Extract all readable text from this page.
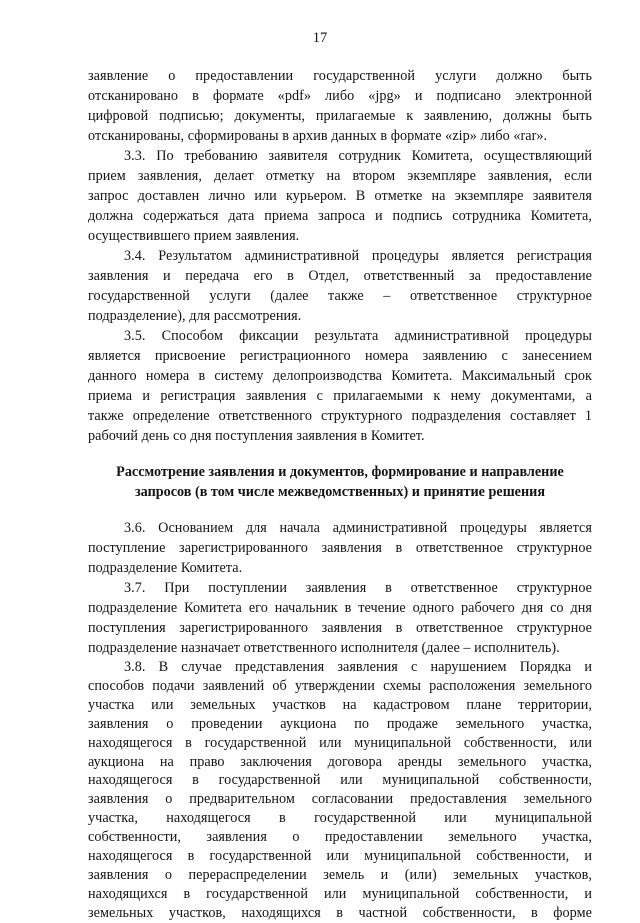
17
заявление о предоставлении государственной услуги должно быть
отсканировано в формате «pdf» либо «jpg» и подписано электронной
цифровой подписью; документы, прилагаемые к заявлению, должны быть
отсканированы, сформированы в архив данных в формате «zip» либо «rar».
3.3. По требованию заявителя сотрудник Комитета, осуществляющий
прием заявления, делает отметку на втором экземпляре заявления, если
запрос доставлен лично или курьером. В отметке на экземпляре заявителя
должна содержаться дата приема запроса и подпись сотрудника Комитета,
осуществившего прием заявления.
3.4. Результатом административной процедуры является регистрация
заявления и передача его в Отдел, ответственный за предоставление
государственной услуги (далее также – ответственное структурное
подразделение), для рассмотрения.
3.5. Способом фиксации результата административной процедуры
является присвоение регистрационного номера заявлению с занесением
данного номера в систему делопроизводства Комитета. Максимальный срок
приема и регистрация заявления с прилагаемыми к нему документами, а
также определение ответственного структурного подразделения составляет 1
рабочий день со дня поступления заявления в Комитет.
Рассмотрение заявления и документов, формирование и направление
запросов (в том числе межведомственных) и принятие решения
3.6. Основанием для начала административной процедуры является
поступление зарегистрированного заявления в ответственное структурное
подразделение Комитета.
3.7. При поступлении заявления в ответственное структурное
подразделение Комитета его начальник в течение одного рабочего дня со дня
поступления зарегистрированного заявления в ответственное структурное
подразделение назначает ответственного исполнителя (далее – исполнитель).
3.8. В случае представления заявления с нарушением Порядка и
способов подачи заявлений об утверждении схемы расположения земельного
участка или земельных участков на кадастровом плане территории,
заявления о проведении аукциона по продаже земельного участка,
находящегося в государственной или муниципальной собственности, или
аукциона на право заключения договора аренды земельного участка,
находящегося в государственной или муниципальной собственности,
заявления о предварительном согласовании предоставления земельного
участка, находящегося в государственной или муниципальной
собственности, заявления о предоставлении земельного участка,
находящегося в государственной или муниципальной собственности, и
заявления о перераспределении земель и (или) земельных участков,
находящихся в государственной или муниципальной собственности, и
земельных участков, находящихся в частной собственности, в форме
